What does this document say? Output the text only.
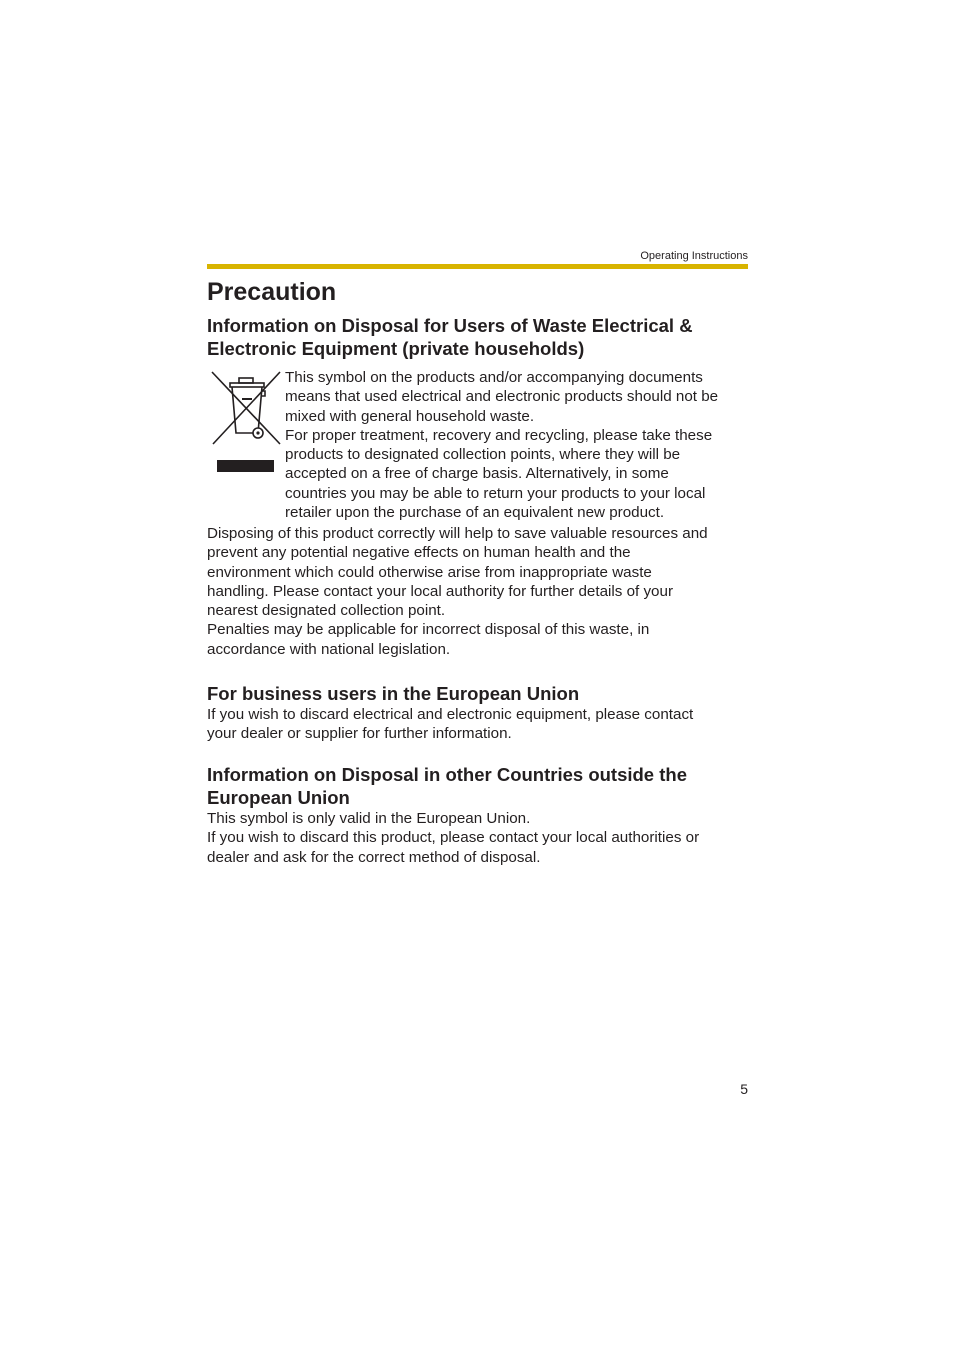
Operating Instructions
Precaution
Information on Disposal for Users of Waste Electrical &
Electronic Equipment (private households)

This symbol on the products and/or accompanying documents
means that used electrical and electronic products should not be
mixed with general household waste.
For proper treatment, recovery and recycling, please take these
products to designated collection points, where they will be
accepted on a free of charge basis. Alternatively, in some
countries you may be able to return your products to your local
retailer upon the purchase of an equivalent new product.

Disposing of this product correctly will help to save valuable resources and
prevent any potential negative effects on human health and the
environment which could otherwise arise from inappropriate waste
handling. Please contact your local authority for further details of your
nearest designated collection point.
Penalties may be applicable for incorrect disposal of this waste, in
accordance with national legislation.

For business users in the European Union

If you wish to discard electrical and electronic equipment, please contact
your dealer or supplier for further information.

Information on Disposal in other Countries outside the
European Union

This symbol is only valid in the European Union.
If you wish to discard this product, please contact your local authorities or
dealer and ask for the correct method of disposal.

5
